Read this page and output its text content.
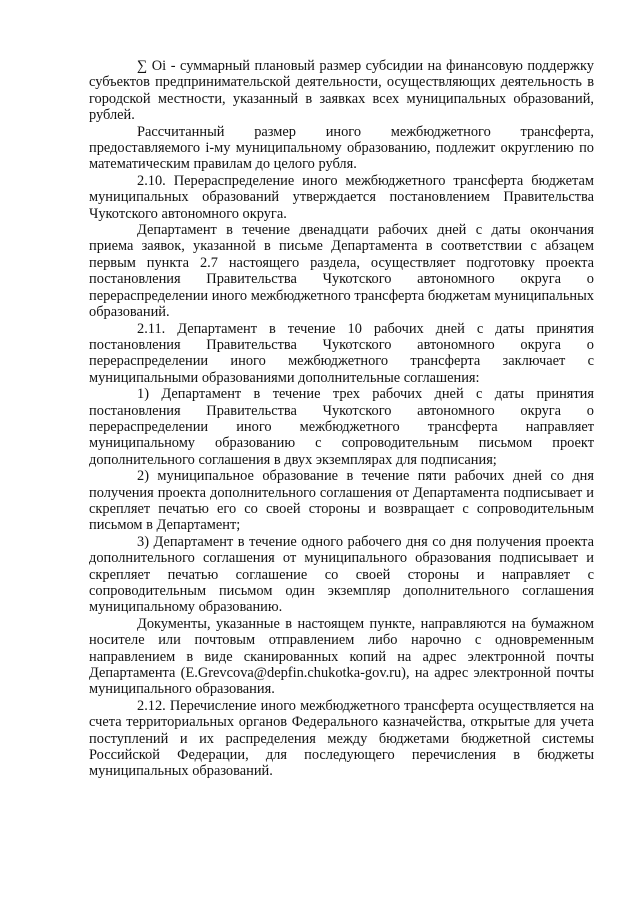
∑ Oi - суммарный плановый размер субсидии на финансовую поддержку субъектов предпринимательской деятельности, осуществляющих деятельность в городской местности, указанный в заявках всех муниципальных образований, рублей.

Рассчитанный размер иного межбюджетного трансферта, предоставляемого i-му муниципальному образованию, подлежит округлению по математическим правилам до целого рубля.

2.10. Перераспределение иного межбюджетного трансферта бюджетам муниципальных образований утверждается постановлением Правительства Чукотского автономного округа.

Департамент в течение двенадцати рабочих дней с даты окончания приема заявок, указанной в письме Департамента в соответствии с абзацем первым пункта 2.7 настоящего раздела, осуществляет подготовку проекта постановления Правительства Чукотского автономного округа о перераспределении иного межбюджетного трансферта бюджетам муниципальных образований.

2.11. Департамент в течение 10 рабочих дней с даты принятия постановления Правительства Чукотского автономного округа о перераспределении иного межбюджетного трансферта заключает с муниципальными образованиями дополнительные соглашения:

1) Департамент в течение трех рабочих дней с даты принятия постановления Правительства Чукотского автономного округа о перераспределении иного межбюджетного трансферта направляет муниципальному образованию с сопроводительным письмом проект дополнительного соглашения в двух экземплярах для подписания;

2) муниципальное образование в течение пяти рабочих дней со дня получения проекта дополнительного соглашения от Департамента подписывает и скрепляет печатью его со своей стороны и возвращает с сопроводительным письмом в Департамент;

3) Департамент в течение одного рабочего дня со дня получения проекта дополнительного соглашения от муниципального образования подписывает и скрепляет печатью соглашение со своей стороны и направляет с сопроводительным письмом один экземпляр дополнительного соглашения муниципальному образованию.

Документы, указанные в настоящем пункте, направляются на бумажном носителе или почтовым отправлением либо нарочно с одновременным направлением в виде сканированных копий на адрес электронной почты Департамента (E.Grevcova@depfin.chukotka-gov.ru), на адрес электронной почты муниципального образования.

2.12. Перечисление иного межбюджетного трансферта осуществляется на счета территориальных органов Федерального казначейства, открытые для учета поступлений и их распределения между бюджетами бюджетной системы Российской Федерации, для последующего перечисления в бюджеты муниципальных образований.
